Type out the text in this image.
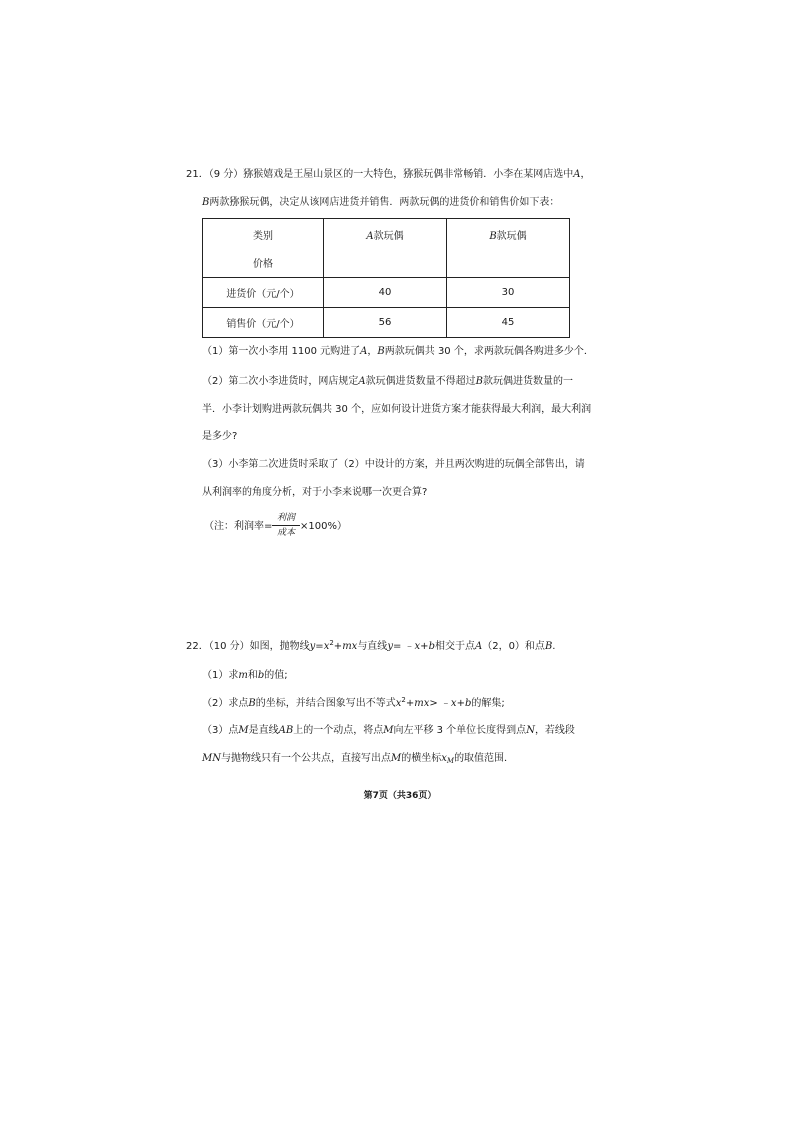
21．（9 分）猕猴嬉戏是王屋山景区的一大特色，猕猴玩偶非常畅销．小李在某网店选中A，
B两款猕猴玩偶，决定从该网店进货并销售．两款玩偶的进货价和销售价如下表：
类别
价格	A款玩偶	B款玩偶

进货价（元/个）	40	30
销售价（元/个）	56	45
（1）第一次小李用 1100 元购进了A，B两款玩偶共 30 个，求两款玩偶各购进多少个．
（2）第二次小李进货时，网店规定A款玩偶进货数量不得超过B款玩偶进货数量的一
半．小李计划购进两款玩偶共 30 个，应如何设计进货方案才能获得最大利润，最大利润
是多少?
（3）小李第二次进货时采取了（2）中设计的方案，并且两次购进的玩偶全部售出，请
从利润率的角度分析，对于小李来说哪一次更合算?
（注：利润率=
利润
成本
×100%）
22．（10 分）如图，抛物线$y=x^2+mx$与直线y= ﹣x+b相交于点A（2，0）和点B.
（1）求m和b的值;
（2）求点B的坐标，并结合图象写出不等式$x^2+mx>$ ﹣x+b的解集;
（3）点M是直线AB上的一个动点，将点M向左平移 3 个单位长度得到点N，若线段
MN与抛物线只有一个公共点，直接写出点M的横坐标$x_M$的取值范围．
第7页（共36页）
